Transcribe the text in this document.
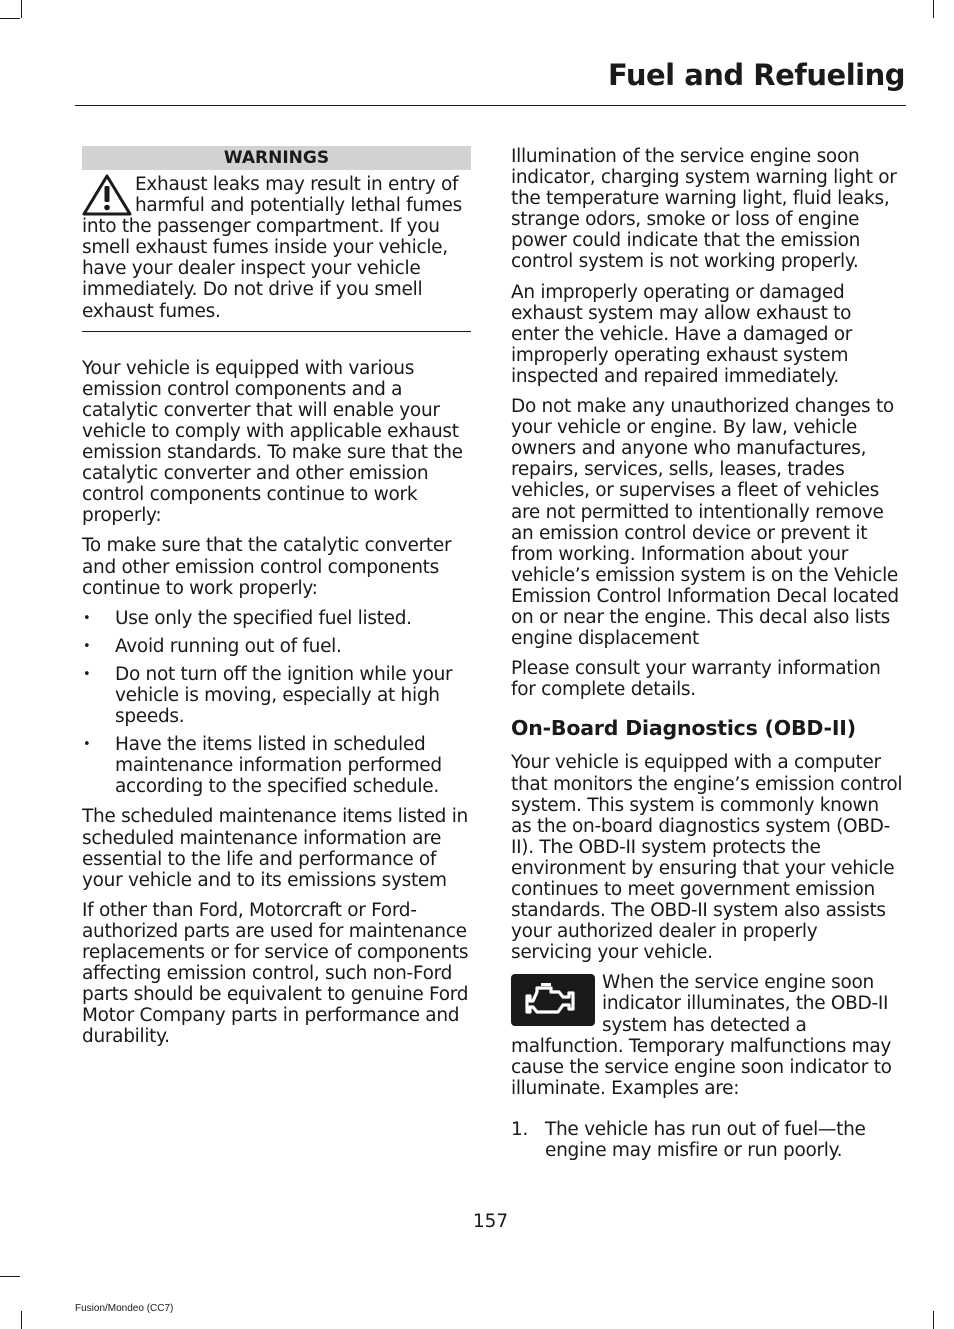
Fuel and Refueling
WARNINGS
Exhaust leaks may result in entry of harmful and potentially lethal fumes into the passenger compartment. If you smell exhaust fumes inside your vehicle, have your dealer inspect your vehicle immediately. Do not drive if you smell exhaust fumes.

Your vehicle is equipped with various emission control components and a catalytic converter that will enable your vehicle to comply with applicable exhaust emission standards. To make sure that the catalytic converter and other emission control components continue to work properly:

To make sure that the catalytic converter and other emission control components continue to work properly:

• Use only the specified fuel listed.
• Avoid running out of fuel.
• Do not turn off the ignition while your vehicle is moving, especially at high speeds.
• Have the items listed in scheduled maintenance information performed according to the specified schedule.

The scheduled maintenance items listed in scheduled maintenance information are essential to the life and performance of your vehicle and to its emissions system

If other than Ford, Motorcraft or Ford-authorized parts are used for maintenance replacements or for service of components affecting emission control, such non-Ford parts should be equivalent to genuine Ford Motor Company parts in performance and durability.

Illumination of the service engine soon indicator, charging system warning light or the temperature warning light, fluid leaks, strange odors, smoke or loss of engine power could indicate that the emission control system is not working properly.

An improperly operating or damaged exhaust system may allow exhaust to enter the vehicle. Have a damaged or improperly operating exhaust system inspected and repaired immediately.

Do not make any unauthorized changes to your vehicle or engine. By law, vehicle owners and anyone who manufactures, repairs, services, sells, leases, trades vehicles, or supervises a fleet of vehicles are not permitted to intentionally remove an emission control device or prevent it from working. Information about your vehicle’s emission system is on the Vehicle Emission Control Information Decal located on or near the engine. This decal also lists engine displacement

Please consult your warranty information for complete details.

On-Board Diagnostics (OBD-II)

Your vehicle is equipped with a computer that monitors the engine’s emission control system. This system is commonly known as the on-board diagnostics system (OBD-II). The OBD-II system protects the environment by ensuring that your vehicle continues to meet government emission standards. The OBD-II system also assists your authorized dealer in properly servicing your vehicle.

When the service engine soon indicator illuminates, the OBD-II system has detected a malfunction. Temporary malfunctions may cause the service engine soon indicator to illuminate. Examples are:

1. The vehicle has run out of fuel—the engine may misfire or run poorly.
157
Fusion/Mondeo (CC7)
